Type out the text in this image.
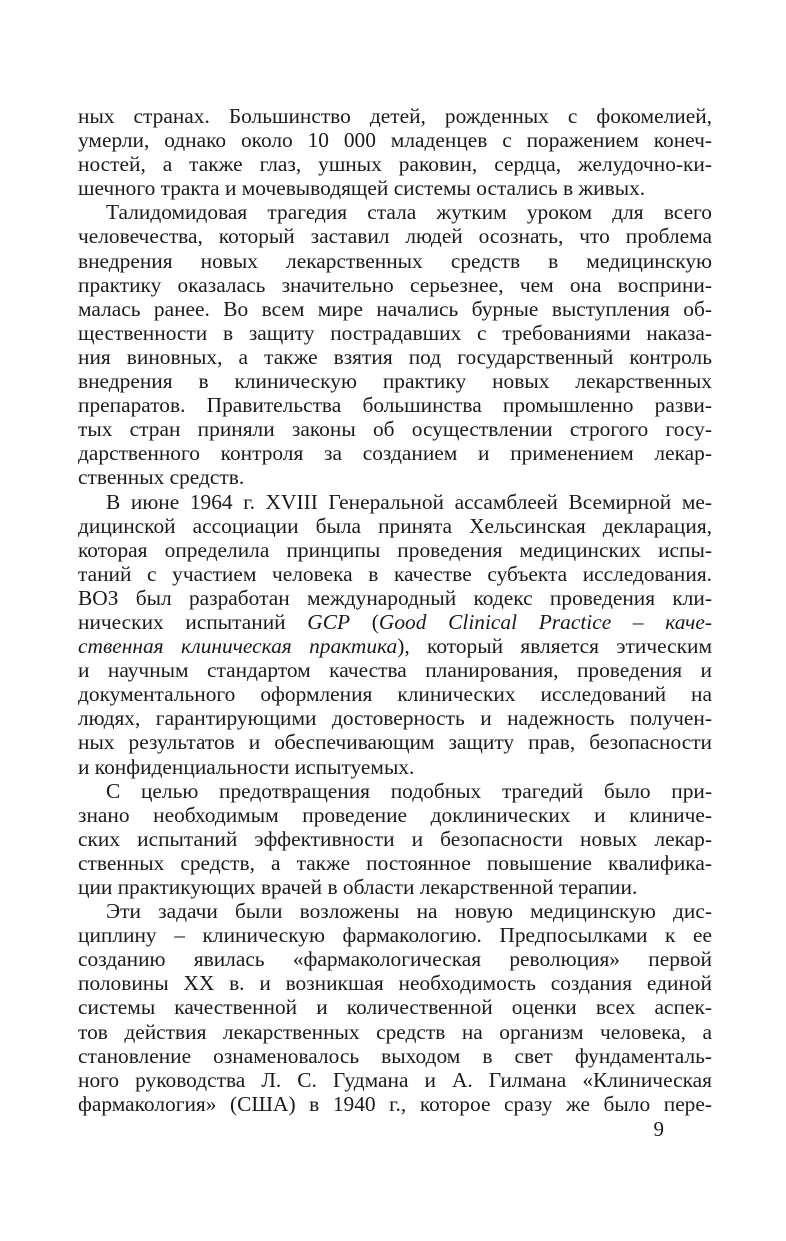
ных странах. Большинство детей, рожденных с фокомелией,
умерли, однако около 10 000 младенцев с поражением конеч-
ностей, а также глаз, ушных раковин, сердца, желудочно-ки-
шечного тракта и мочевыводящей системы остались в живых.
Талидомидовая трагедия стала жутким уроком для всего
человечества, который заставил людей осознать, что проблема
внедрения новых лекарственных средств в медицинскую
практику оказалась значительно серьезнее, чем она восприни-
малась ранее. Во всем мире начались бурные выступления об-
щественности в защиту пострадавших с требованиями наказа-
ния виновных, а также взятия под государственный контроль
внедрения в клиническую практику новых лекарственных
препаратов. Правительства большинства промышленно разви-
тых стран приняли законы об осуществлении строгого госу-
дарственного контроля за созданием и применением лекар-
ственных средств.
В июне 1964 г. XVIII Генеральной ассамблеей Всемирной ме-
дицинской ассоциации была принята Хельсинская декларация,
которая определила принципы проведения медицинских испы-
таний с участием человека в качестве субъекта исследования.
ВОЗ был разработан международный кодекс проведения кли-
нических испытаний GCP (Good Clinical Practice – каче-
ственная клиническая практика), который является этическим
и научным стандартом качества планирования, проведения и
документального оформления клинических исследований на
людях, гарантирующими достоверность и надежность получен-
ных результатов и обеспечивающим защиту прав, безопасности
и конфиденциальности испытуемых.
С целью предотвращения подобных трагедий было при-
знано необходимым проведение доклинических и клиниче-
ских испытаний эффективности и безопасности новых лекар-
ственных средств, а также постоянное повышение квалифика-
ции практикующих врачей в области лекарственной терапии.
Эти задачи были возложены на новую медицинскую дис-
циплину – клиническую фармакологию. Предпосылками к ее
созданию явилась «фармакологическая революция» первой
половины XX в. и возникшая необходимость создания единой
системы качественной и количественной оценки всех аспек-
тов действия лекарственных средств на организм человека, а
становление ознаменовалось выходом в свет фундаменталь-
ного руководства Л. С. Гудмана и А. Гилмана «Клиническая
фармакология» (США) в 1940 г., которое сразу же было пере-
9
